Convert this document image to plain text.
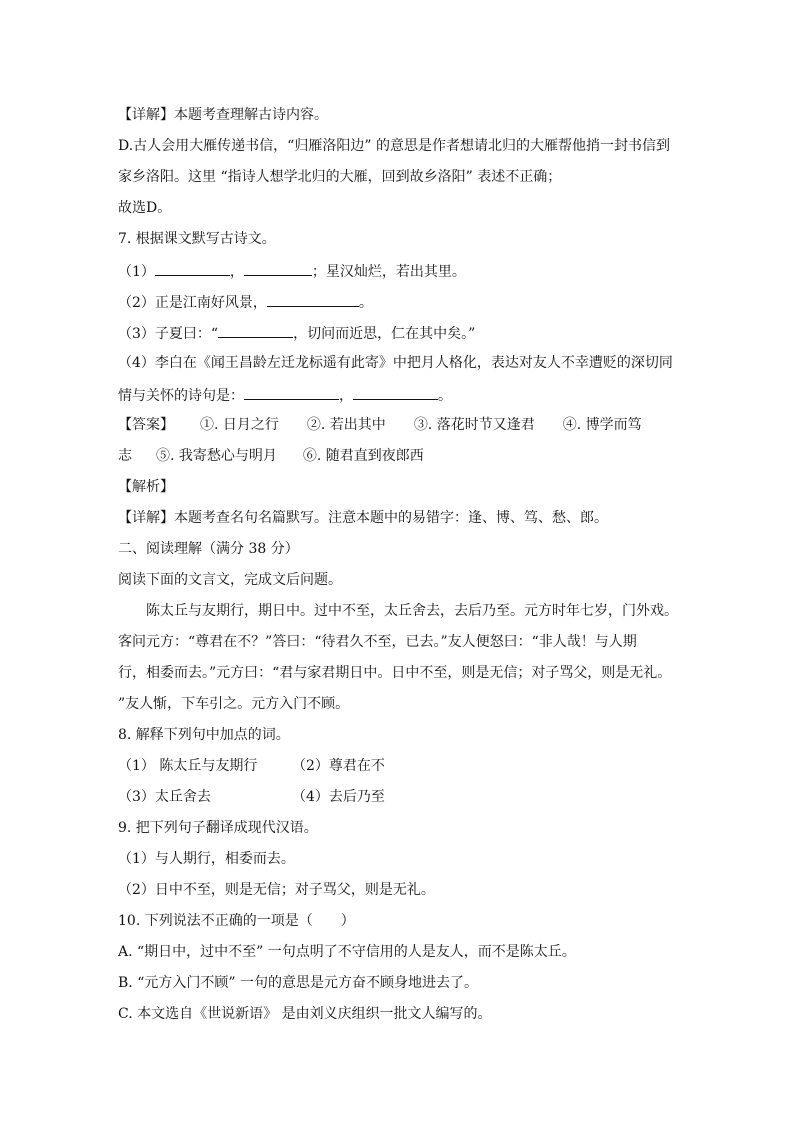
【详解】本题考查理解古诗内容。
D.古人会用大雁传递书信，“归雁洛阳边” 的意思是作者想请北归的大雁帮他捎一封书信到
家乡洛阳。这里 “指诗人想学北归的大雁，回到故乡洛阳” 表述不正确；
故选D。
7. 根据课文默写古诗文。
（1）	，	；星汉灿烂，若出其里。
（2）正是江南好风景，	。
（3）子夏曰：“	，切问而近思，仁在其中矣。”
（4）李白在《闻王昌龄左迁龙标遥有此寄》中把月人格化，表达对友人不幸遭贬的深切同
情与关怀的诗句是：	，	。
【答案】 ①. 日月之行 ②. 若出其中 ③. 落花时节又逢君 ④. 博学而笃
志 ⑤. 我寄愁心与明月 ⑥. 随君直到夜郎西
【解析】
【详解】本题考查名句名篇默写。注意本题中的易错字：逢、博、笃、愁、郎。
二、阅读理解（满分 38 分）
阅读下面的文言文，完成文后问题。
陈太丘与友期行，期日中。过中不至，太丘舍去，去后乃至。元方时年七岁，门外戏。
客问元方：“尊君在不？”答曰：“待君久不至，已去。”友人便怒曰：“非人哉！与人期
行，相委而去。”元方曰：“君与家君期日中。日中不至，则是无信；对子骂父，则是无礼。
”友人惭，下车引之。元方入门不顾。
8. 解释下列句中加点的词。
（1） 陈太丘与友期行 （2）尊君在不
（3）太丘舍去	（4）去后乃至
9. 把下列句子翻译成现代汉语。
（1）与人期行，相委而去。
（2）日中不至，则是无信；对子骂父，则是无礼。
10. 下列说法不正确的一项是（　　）
A. “期日中，过中不至” 一句点明了不守信用的人是友人，而不是陈太丘。
B. “元方入门不顾” 一句的意思是元方奋不顾身地进去了。
C. 本文选自《世说新语》 是由刘义庆组织一批文人编写的。
